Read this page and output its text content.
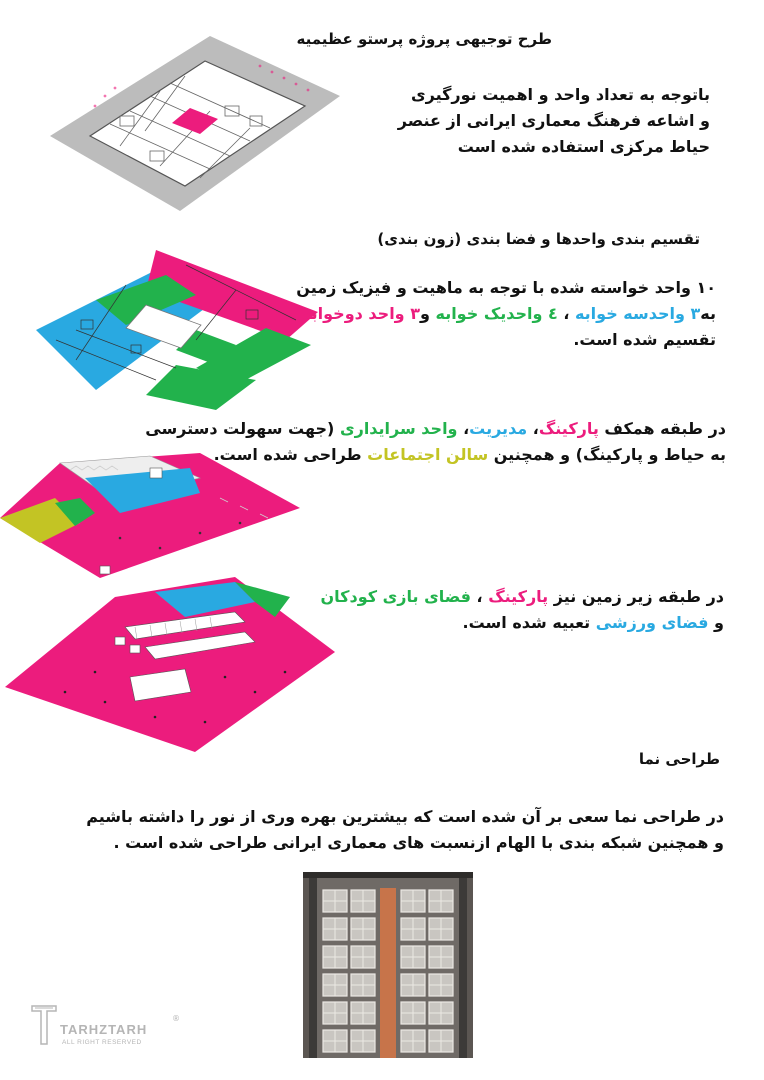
طرح توجیهی پروژه پرستو عظیمیه
باتوجه به تعداد واحد و اهمیت نورگیری
و اشاعه فرهنگ معماری ایرانی از عنصر
حیاط مرکزی استفاده شده است
تقسیم بندی واحدها و فضا بندی (زون بندی)
۱۰ واحد خواسته شده با توجه به ماهیت و فیزیک زمین
به۳ واحدسه خوابه ، ٤ واحدیک خوابه و۳ واحد دوخوابه
تقسیم شده است.
در طبقه همکف پارکینگ، مدیریت، واحد سرایداری (جهت سهولت دسترسی
به حیاط و پارکینگ) و همچنین سالن اجتماعات طراحی شده است.
در طبقه زیر زمین نیز پارکینگ ، فضای بازی کودکان
و فضای ورزشی تعبیه شده است.
طراحی نما
در طراحی نما سعی بر آن شده است که بیشترین بهره وری از نور را داشته باشیم
و همچنین شبکه بندی با الهام ازنسبت های معماری ایرانی طراحی شده است .
TARHZTARH
®
ALL RIGHT RESERVED
